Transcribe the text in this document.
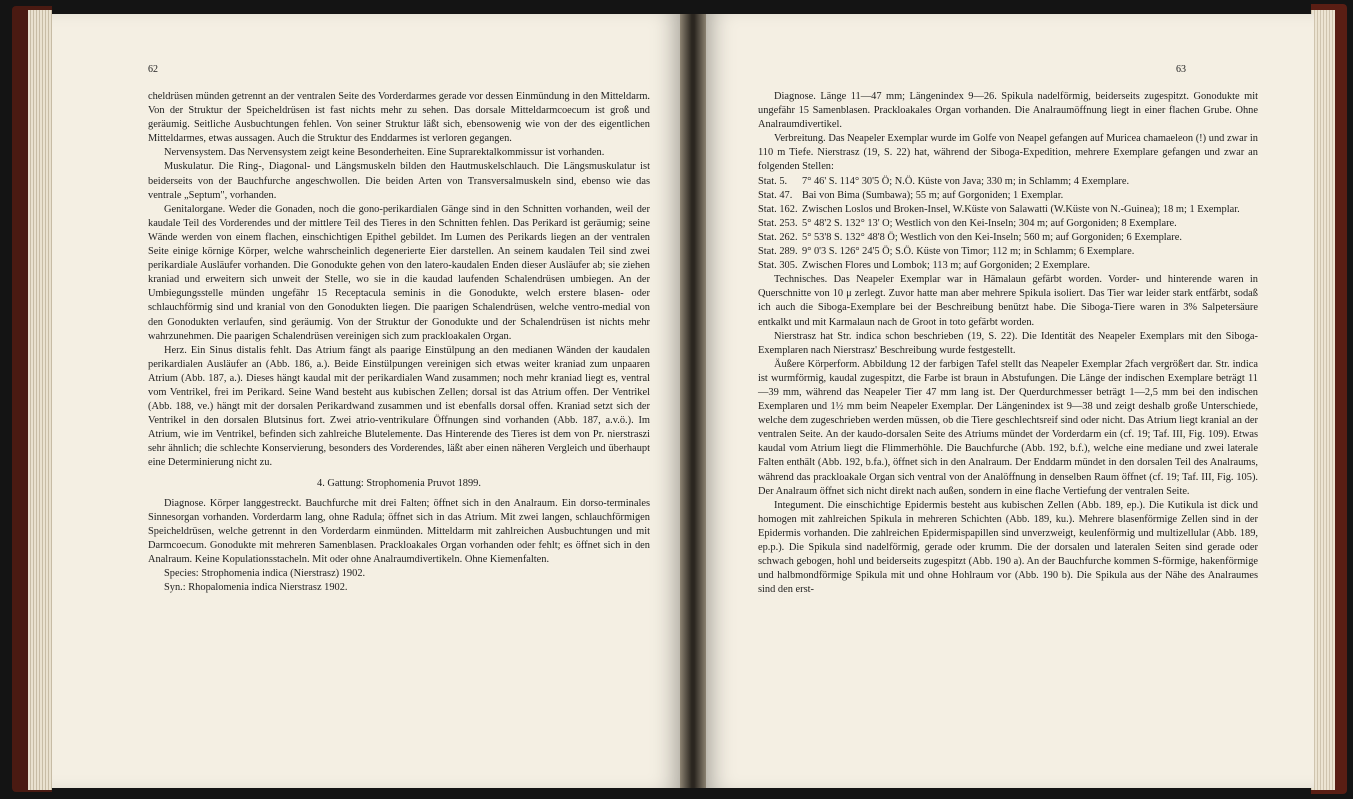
62	63

cheldrüsen münden getrennt an der ventralen Seite des Vorderdarmes gerade vor dessen Einmündung in den Mitteldarm. Von der Struktur der Speicheldrüsen ist fast nichts mehr zu sehen. Das dorsale Mitteldarmcoecum ist groß und geräumig. Seitliche Ausbuchtungen fehlen. Von seiner Struktur läßt sich, ebensowenig wie von der des eigentlichen Mitteldarmes, etwas aussagen. Auch die Struktur des Enddarmes ist verloren gegangen.

Nervensystem. Das Nervensystem zeigt keine Besonderheiten. Eine Suprarektalkommissur ist vorhanden.

Muskulatur. Die Ring-, Diagonal- und Längsmuskeln bilden den Hautmuskelschlauch. Die Längsmuskulatur ist beiderseits von der Bauchfurche angeschwollen. Die beiden Arten von Transversalmuskeln sind, ebenso wie das ventrale „Septum", vorhanden.

Genitalorgane. Weder die Gonaden, noch die gono-perikardialen Gänge sind in den Schnitten vorhanden, weil der kaudale Teil des Vorderendes und der mittlere Teil des Tieres in den Schnitten fehlen. Das Perikard ist geräumig; seine Wände werden von einem flachen, einschichtigen Epithel gebildet. Im Lumen des Perikards liegen an der ventralen Seite einige körnige Körper, welche wahrscheinlich degenerierte Eier darstellen. An seinem kaudalen Teil sind zwei perikardiale Ausläufer vorhanden. Die Gonodukte gehen von den latero-kaudalen Enden dieser Ausläufer ab; sie ziehen kraniad und erweitern sich unweit der Stelle, wo sie in die kaudad laufenden Schalendrüsen umbiegen. An der Umbiegungsstelle münden ungefähr 15 Receptacula seminis in die Gonodukte, welch erstere blasen- oder schlauchförmig sind und kranial von den Gonodukten liegen. Die paarigen Schalendrüsen, welche ventro-medial von den Gonodukten verlaufen, sind geräumig. Von der Struktur der Gonodukte und der Schalendrüsen ist nichts mehr wahrzunehmen. Die paarigen Schalendrüsen vereinigen sich zum prackloakalen Organ.

Herz. Ein Sinus distalis fehlt. Das Atrium fängt als paarige Einstülpung an den medianen Wänden der kaudalen perikardialen Ausläufer an (Abb. 186, a.). Beide Einstülpungen vereinigen sich etwas weiter kraniad zum unpaaren Atrium (Abb. 187, a.). Dieses hängt kaudal mit der perikardialen Wand zusammen; noch mehr kraniad liegt es, ventral vom Ventrikel, frei im Perikard. Seine Wand besteht aus kubischen Zellen; dorsal ist das Atrium offen. Der Ventrikel (Abb. 188, ve.) hängt mit der dorsalen Perikardwand zusammen und ist ebenfalls dorsal offen. Kraniad setzt sich der Ventrikel in den dorsalen Blutsinus fort. Zwei atrio-ventrikulare Öffnungen sind vorhanden (Abb. 187, a.v.ö.). Im Atrium, wie im Ventrikel, befinden sich zahlreiche Blutelemente. Das Hinterende des Tieres ist dem von Pr. nierstraszi sehr ähnlich; die schlechte Konservierung, besonders des Vorderendes, läßt aber einen näheren Vergleich und überhaupt eine Determinierung nicht zu.

4. Gattung: Strophomenia Pruvot 1899.

Diagnose. Körper langgestreckt. Bauchfurche mit drei Falten; öffnet sich in den Analraum. Ein dorso-terminales Sinnesorgan vorhanden. Vorderdarm lang, ohne Radula; öffnet sich in das Atrium. Mit zwei langen, schlauchförmigen Speicheldrüsen, welche getrennt in den Vorderdarm einmünden. Mitteldarm mit zahlreichen Ausbuchtungen und mit Darmcoecum. Gonodukte mit mehreren Samenblasen. Prackloakales Organ vorhanden oder fehlt; es öffnet sich in den Analraum. Keine Kopulationsstacheln. Mit oder ohne Analraumdivertikeln. Ohne Kiemenfalten.

Species: Strophomenia indica (Nierstrasz) 1902.

Syn.: Rhopalomenia indica Nierstrasz 1902.

Diagnose. Länge 11—47 mm; Längenindex 9—26. Spikula nadelförmig, beiderseits zugespitzt. Gonodukte mit ungefähr 15 Samenblasen. Prackloakales Organ vorhanden. Die Analraumöffnung liegt in einer flachen Grube. Ohne Analraumdivertikel.

Verbreitung. Das Neapeler Exemplar wurde im Golfe von Neapel gefangen auf Muricea chamaeleon (!) und zwar in 110 m Tiefe. Nierstrasz (19, S. 22) hat, während der Siboga-Expedition, mehrere Exemplare gefangen und zwar an folgenden Stellen:

Stat. 5. 7° 46' S. 114° 30'5 Ö; N.Ö. Küste von Java; 330 m; in Schlamm; 4 Exemplare.

Stat. 47. Bai von Bima (Sumbawa); 55 m; auf Gorgoniden; 1 Exemplar.

Stat. 162. Zwischen Loslos und Broken-Insel, W.Küste von Salawatti (W.Küste von N.-Guinea); 18 m; 1 Exemplar.

Stat. 253. 5° 48'2 S. 132° 13' O; Westlich von den Kei-Inseln; 304 m; auf Gorgoniden; 8 Exemplare.

Stat. 262. 5° 53'8 S. 132° 48'8 Ö; Westlich von den Kei-Inseln; 560 m; auf Gorgoniden; 6 Exemplare.

Stat. 289. 9° 0'3 S. 126° 24'5 Ö; S.Ö. Küste von Timor; 112 m; in Schlamm; 6 Exemplare.

Stat. 305. Zwischen Flores und Lombok; 113 m; auf Gorgoniden; 2 Exemplare.

Technisches. Das Neapeler Exemplar war in Hämalaun gefärbt worden. Vorder- und hinterende waren in Querschnitte von 10 μ zerlegt. Zuvor hatte man aber mehrere Spikula isoliert. Das Tier war leider stark entfärbt, sodaß ich auch die Siboga-Exemplare bei der Beschreibung benützt habe. Die Siboga-Tiere waren in 3% Salpetersäure entkalkt und mit Karmalaun nach de Groot in toto gefärbt worden.

Nierstrasz hat Str. indica schon beschrieben (19, S. 22). Die Identität des Neapeler Exemplars mit den Siboga-Exemplaren nach Nierstrasz' Beschreibung wurde festgestellt.

Äußere Körperform. Abbildung 12 der farbigen Tafel stellt das Neapeler Exemplar 2fach vergrößert dar. Str. indica ist wurmförmig, kaudal zugespitzt, die Farbe ist braun in Abstufungen. Die Länge der indischen Exemplare beträgt 11—39 mm, während das Neapeler Tier 47 mm lang ist. Der Querdurchmesser beträgt 1—2,5 mm bei den indischen Exemplaren und 1½ mm beim Neapeler Exemplar. Der Längenindex ist 9—38 und zeigt deshalb große Unterschiede, welche dem zugeschrieben werden müssen, ob die Tiere geschlechtsreif sind oder nicht. Das Atrium liegt kranial an der ventralen Seite. An der kaudo-dorsalen Seite des Atriums mündet der Vorderdarm ein (cf. 19; Taf. III, Fig. 109). Etwas kaudal vom Atrium liegt die Flimmerhöhle. Die Bauchfurche (Abb. 192, b.f.), welche eine mediane und zwei laterale Falten enthält (Abb. 192, b.fa.), öffnet sich in den Analraum. Der Enddarm mündet in den dorsalen Teil des Analraums, während das prackloakale Organ sich ventral von der Analöffnung in denselben Raum öffnet (cf. 19; Taf. III, Fig. 105). Der Analraum öffnet sich nicht direkt nach außen, sondern in eine flache Vertiefung der ventralen Seite.

Integument. Die einschichtige Epidermis besteht aus kubischen Zellen (Abb. 189, ep.). Die Kutikula ist dick und homogen mit zahlreichen Spikula in mehreren Schichten (Abb. 189, ku.). Mehrere blasenförmige Zellen sind in der Epidermis vorhanden. Die zahlreichen Epidermispapillen sind unverzweigt, keulenförmig und multizellular (Abb. 189, ep.p.). Die Spikula sind nadelförmig, gerade oder krumm. Die der dorsalen und lateralen Seiten sind gerade oder schwach gebogen, hohl und beiderseits zugespitzt (Abb. 190 a). An der Bauchfurche kommen S-förmige, hakenförmige und halbmondförmige Spikula mit und ohne Hohlraum vor (Abb. 190 b). Die Spikula aus der Nähe des Analraumes sind den erst-
